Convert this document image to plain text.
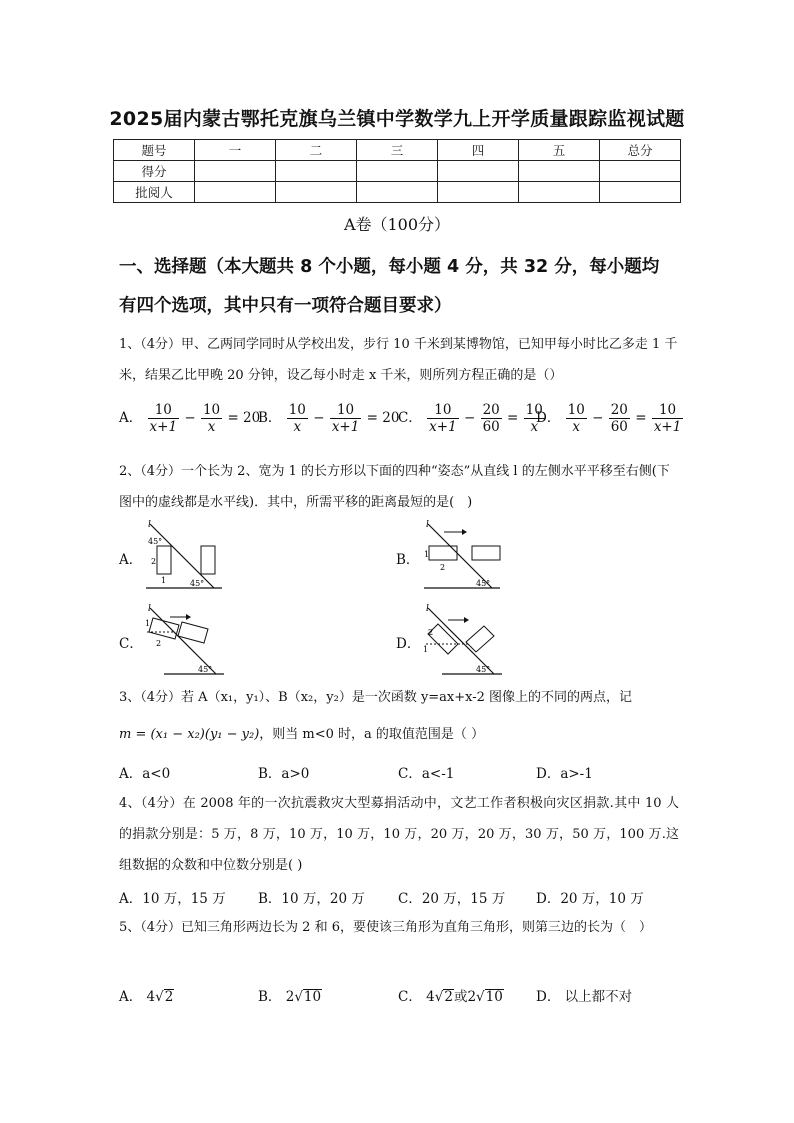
2025届内蒙古鄂托克旗乌兰镇中学数学九上开学质量跟踪监视试题
题号	一	二	三	四	五	总分
得分						
批阅人						
A卷（100分）
一、选择题（本大题共 8 个小题，每小题 4 分，共 32 分，每小题均
有四个选项，其中只有一项符合题目要求）
1、（4分）甲、乙两同学同时从学校出发，步行 10 千米到某博物馆，已知甲每小时比乙多走 1 千米，结果乙比甲晚 20 分钟，设乙每小时走 x 千米，则所列方程正确的是（）
A． $\frac{10}{x+1} - \frac{10}{x} = 20$
B． $\frac{10}{x} - \frac{10}{x+1} = 20$
C． $\frac{10}{x+1} - \frac{20}{60} = \frac{10}{x}$
D． $\frac{10}{x} - \frac{20}{60} = \frac{10}{x+1}$
2、（4分）一个长为 2、宽为 1 的长方形以下面的四种“姿态”从直线 l 的左侧水平平移至右侧(下图中的虚线都是水平线)．其中，所需平移的距离最短的是(　)
A．
l
45°
45°
2
1
B．
l
1
2
45°
C．
l
1
2
45°
D．
l
2
1
45°
3、（4分）若 A（x₁，y₁）、B（x₂，y₂）是一次函数 y=ax+x-2 图像上的不同的两点，记
m = (x₁ − x₂)(y₁ − y₂)，则当 m<0 时，a 的取值范围是（ ）
A．a<0	B．a>0	C．a<-1	D．a>-1
4、（4分）在 2008 年的一次抗震救灾大型募捐活动中，文艺工作者积极向灾区捐款.其中 10 人 的捐款分别是：5 万，8 万，10 万，10 万，10 万，20 万，20 万，30 万，50 万，100 万.这组数据的众数和中位数分别是( )
A．10 万，15 万 B．10 万，20 万 C．20 万，15 万 D．20 万，10 万
5、（4分）已知三角形两边长为 2 和 6，要使该三角形为直角三角形，则第三边的长为（　）
A． 4√2	B． 2√10	C． 4√2或2√10 D． 以上都不对
